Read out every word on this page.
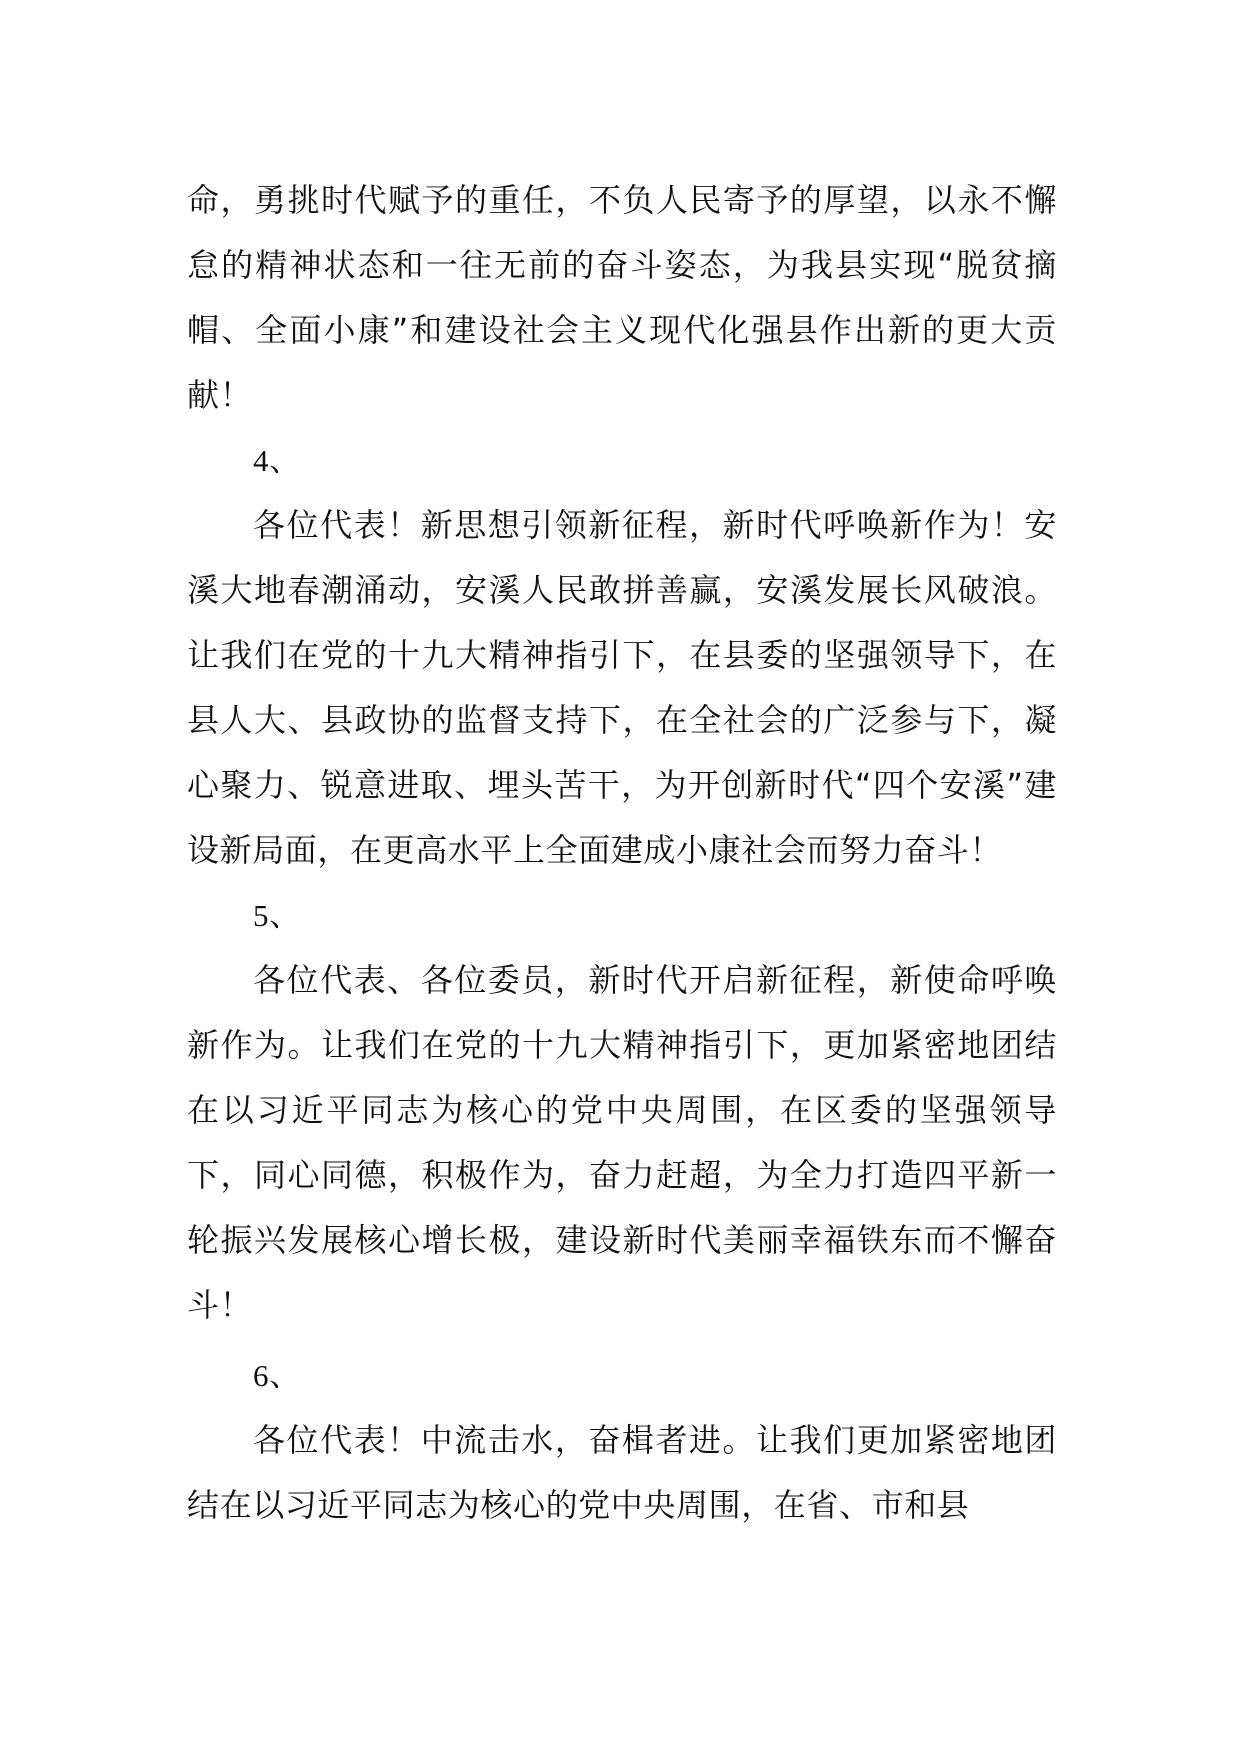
命，勇挑时代赋予的重任，不负人民寄予的厚望，以永不懈怠的精神状态和一往无前的奋斗姿态，为我县实现“脱贫摘帽、全面小康”和建设社会主义现代化强县作出新的更大贡献！

4、

各位代表！新思想引领新征程，新时代呼唤新作为！安溪大地春潮涌动，安溪人民敢拼善赢，安溪发展长风破浪。让我们在党的十九大精神指引下，在县委的坚强领导下，在县人大、县政协的监督支持下，在全社会的广泛参与下，凝心聚力、锐意进取、埋头苦干，为开创新时代“四个安溪”建设新局面，在更高水平上全面建成小康社会而努力奋斗！

5、

各位代表、各位委员，新时代开启新征程，新使命呼唤新作为。让我们在党的十九大精神指引下，更加紧密地团结在以习近平同志为核心的党中央周围，在区委的坚强领导下，同心同德，积极作为，奋力赶超，为全力打造四平新一轮振兴发展核心增长极，建设新时代美丽幸福铁东而不懈奋斗！

6、

各位代表！中流击水，奋楫者进。让我们更加紧密地团结在以习近平同志为核心的党中央周围，在省、市和县
